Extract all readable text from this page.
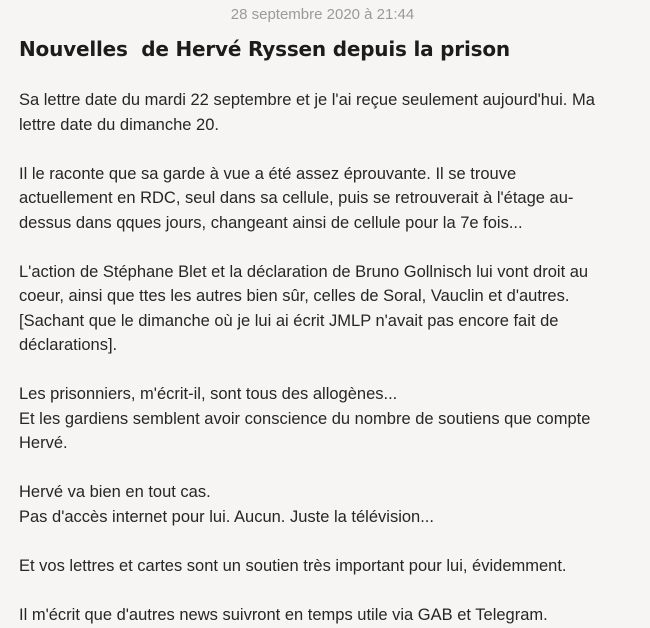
28 septembre 2020 à 21:44
Nouvelles  de Hervé Ryssen depuis la prison

Sa lettre date du mardi 22 septembre et je l'ai reçue seulement aujourd'hui. Ma
lettre date du dimanche 20.

Il le raconte que sa garde à vue a été assez éprouvante. Il se trouve
actuellement en RDC, seul dans sa cellule, puis se retrouverait à l'étage au-
dessus dans qques jours, changeant ainsi de cellule pour la 7e fois...

L'action de Stéphane Blet et la déclaration de Bruno Gollnisch lui vont droit au
coeur, ainsi que ttes les autres bien sûr, celles de Soral, Vauclin et d'autres.
[Sachant que le dimanche où je lui ai écrit JMLP n'avait pas encore fait de
déclarations].

Les prisonniers, m'écrit-il, sont tous des allogènes...
Et les gardiens semblent avoir conscience du nombre de soutiens que compte
Hervé.

Hervé va bien en tout cas.
Pas d'accès internet pour lui. Aucun. Juste la télévision...

Et vos lettres et cartes sont un soutien très important pour lui, évidemment.

Il m'écrit que d'autres news suivront en temps utile via GAB et Telegram.
